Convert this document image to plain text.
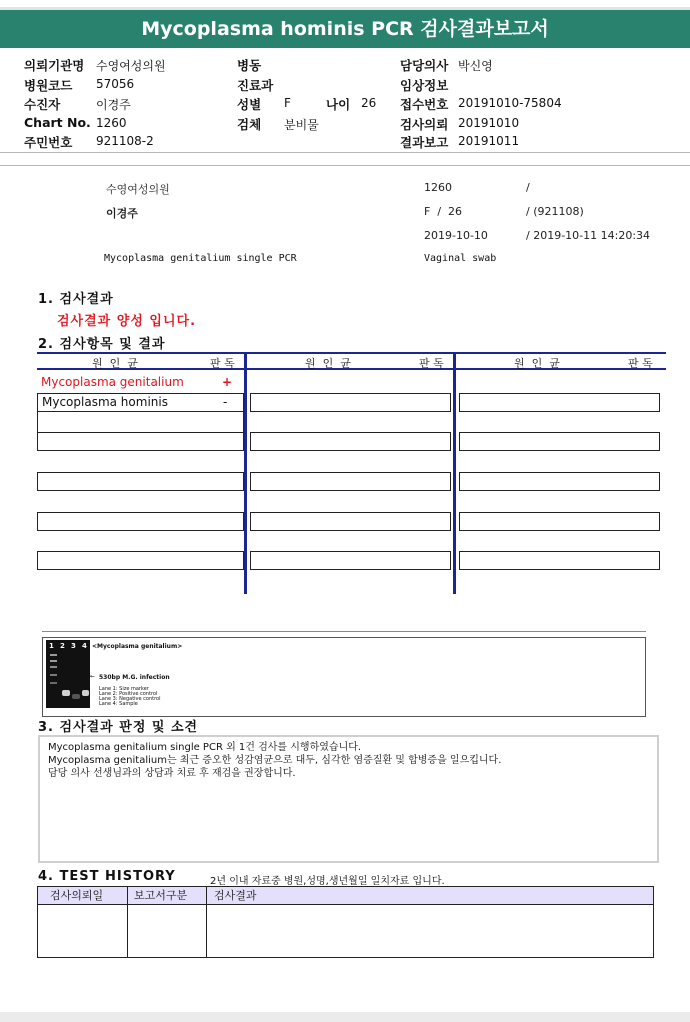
Mycoplasma hominis PCR 검사결과보고서
의뢰기관명 수영여성의원	병동	담당의사 박신영
병원코드 57056	진료과	임상정보
수진자	이경주	성별 F	나이 26 접수번호 20191010-75804
Chart No. 1260	검체 분비물	검사의뢰 20191010
주민번호 921108-2	결과보고 20191011
수영여성의원	1260	/
이경주	F  /  26	/ (921108)
2019-10-10	/ 2019-10-11 14:20:34
Mycoplasma genitalium single PCR	Vaginal swab
1. 검사결과
검사결과 양성 입니다.
2. 검사항목 및 결과
원  인  균	판 독	원  인  균	판 독	원  인  균	판 독
Mycoplasma genitalium	+
Mycoplasma hominis	-
1 2 3 4 <Mycoplasma genitalium>
← 530bp M.G. infection
Lane 1: Size marker
Lane 2: Positive control
Lane 3: Negative control
Lane 4: Sample
3. 검사결과 판정 및 소견
Mycoplasma genitalium single PCR 외 1건 검사를 시행하였습니다.
Mycoplasma genitalium는 최근 증오한 성감염균으로 대두, 심각한 염증질환 및 합병증을 일으킵니다.
담당 의사 선생님과의 상담과 치료 후 재검을 권장합니다.
4. TEST HISTORY	2년 이내 자료중 병원,성명,생년월일 일치자료 입니다.
검사의뢰일	보고서구분 검사결과
